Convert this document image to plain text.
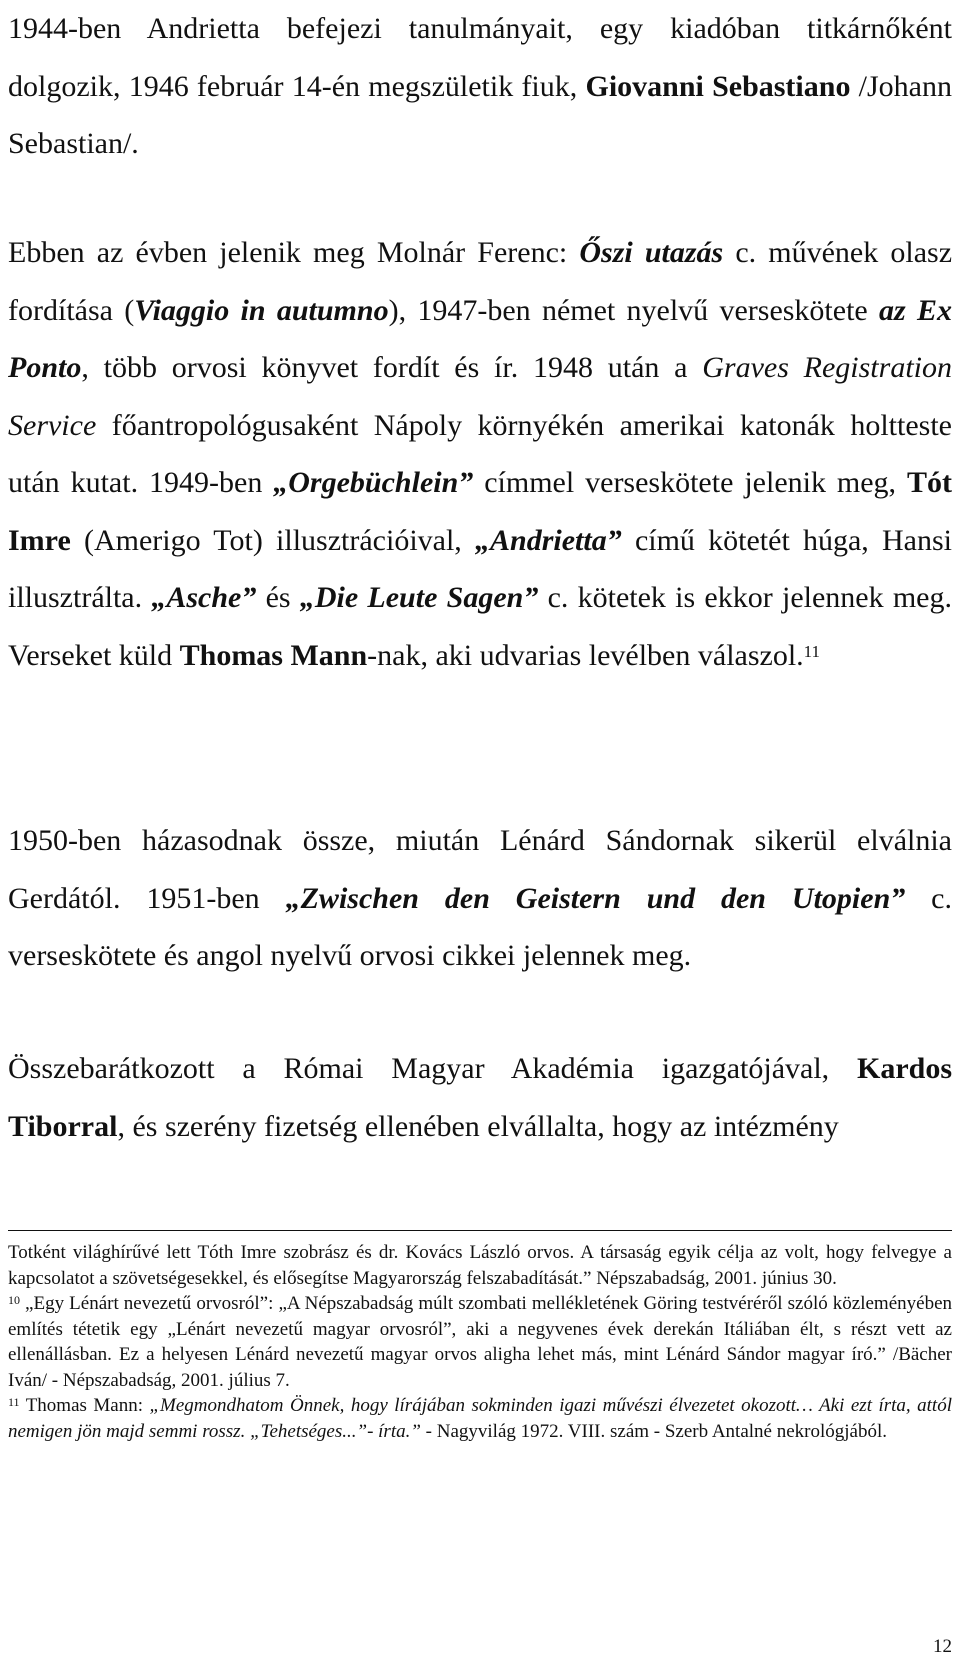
1944-ben Andrietta befejezi tanulmányait, egy kiadóban titkárnőként dolgozik, 1946 február 14-én megszületik fiuk, Giovanni Sebastiano /Johann Sebastian/.

Ebben az évben jelenik meg Molnár Ferenc: Őszi utazás c. művének olasz fordítása (Viaggio in autumno), 1947-ben német nyelvű verseskötete az Ex Ponto, több orvosi könyvet fordít és ír. 1948 után a Graves Registration Service főantropológusaként Nápoly környékén amerikai katonák holtteste után kutat. 1949-ben „Orgebüchlein” címmel verseskötete jelenik meg, Tót Imre (Amerigo Tot) illusztrációival, „Andrietta” című kötetét húga, Hansi illusztrálta. „Asche” és „Die Leute Sagen” c. kötetek is ekkor jelennek meg. Verseket küld Thomas Mann-nak, aki udvarias levélben válaszol.$^{11}$

1950-ben házasodnak össze, miután Lénárd Sándornak sikerül elválnia Gerdától. 1951-ben „Zwischen den Geistern und den Utopien” c. verseskötete és angol nyelvű orvosi cikkei jelennek meg.

Összebarátkozott a Római Magyar Akadémia igazgatójával, Kardos Tiborral, és szerény fizetség ellenében elvállalta, hogy az intézmény

Totként világhírűvé lett Tóth Imre szobrász és dr. Kovács László orvos. A társaság egyik célja az volt, hogy felvegye a kapcsolatot a szövetségesekkel, és elősegítse Magyarország felszabadítását.” Népszabadság, 2001. június 30.

$^{10}$ „Egy Lénárt nevezetű orvosról”: „A Népszabadság múlt szombati mellékletének Göring testvéréről szóló közleményében említés tétetik egy „Lénárt nevezetű magyar orvosról”, aki a negyvenes évek derekán Itáliában élt, s részt vett az ellenállásban. Ez a helyesen Lénárd nevezetű magyar orvos aligha lehet más, mint Lénárd Sándor magyar író.” /Bächer Iván/ - Népszabadság, 2001. július 7.

$^{11}$ Thomas Mann: „Megmondhatom Önnek, hogy lírájában sokminden igazi művészi élvezetet okozott… Aki ezt írta, attól nemigen jön majd semmi rossz. „Tehetséges...”- írta.” - Nagyvilág 1972. VIII. szám - Szerb Antalné nekrológjából.

12
